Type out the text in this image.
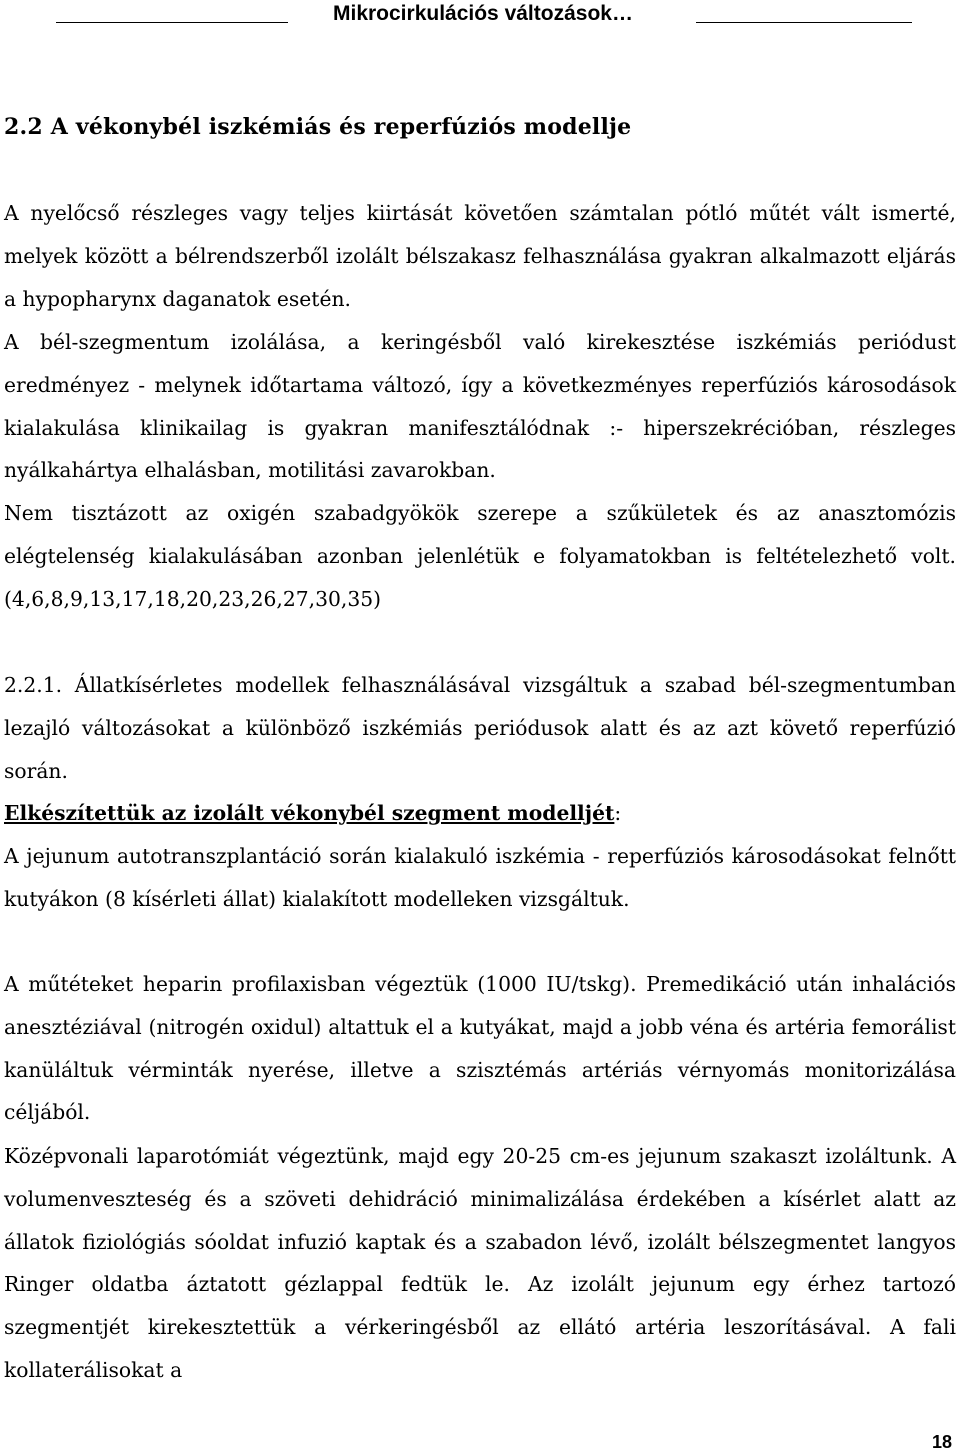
Mikrocirkulációs változások…
2.2 A vékonybél iszkémiás és reperfúziós modellje

A nyelőcső részleges vagy teljes kiirtását követően számtalan pótló műtét vált ismerté, melyek között a bélrendszerből izolált bélszakasz felhasználása gyakran alkalmazott eljárás a hypopharynx daganatok esetén.

A bél-szegmentum izolálása, a keringésből való kirekesztése iszkémiás periódust eredményez - melynek időtartama változó, így a következményes reperfúziós károsodások kialakulása klinikailag is gyakran manifesztálódnak :- hiperszekrécióban, részleges nyálkahártya elhalásban, motilitási zavarokban.

Nem tisztázott az oxigén szabadgyökök szerepe a szűkületek és az anasztomózis elégtelenség kialakulásában azonban jelenlétük e folyamatokban is feltételezhető volt.(4,6,8,9,13,17,18,20,23,26,27,30,35)

2.2.1. Állatkísérletes modellek felhasználásával vizsgáltuk a szabad bél-szegmentumban lezajló változásokat a különböző iszkémiás periódusok alatt és az azt követő reperfúzió során.

Elkészítettük az izolált vékonybél szegment modelljét:

A jejunum autotranszplantáció során kialakuló iszkémia - reperfúziós károsodásokat felnőtt kutyákon (8 kísérleti állat) kialakított modelleken vizsgáltuk.

A műtéteket heparin profilaxisban végeztük (1000 IU/tskg). Premedikáció után inhalációs anesztéziával (nitrogén oxidul) altattuk el a kutyákat, majd a jobb véna és artéria femorálist kanüláltuk vérminták nyerése, illetve a szisztémás artériás vérnyomás monitorizálása céljából.

Középvonali laparotómiát végeztünk, majd egy 20-25 cm-es jejunum szakaszt izoláltunk. A volumenveszteség és a szöveti dehidráció minimalizálása érdekében a kísérlet alatt az állatok fiziológiás sóoldat infuzió kaptak és a szabadon lévő, izolált bélszegmentet langyos Ringer oldatba áztatott gézlappal fedtük le. Az izolált jejunum egy érhez tartozó szegmentjét kirekesztettük a vérkeringésből az ellátó artéria leszorításával. A fali kollaterálisokat a

18
